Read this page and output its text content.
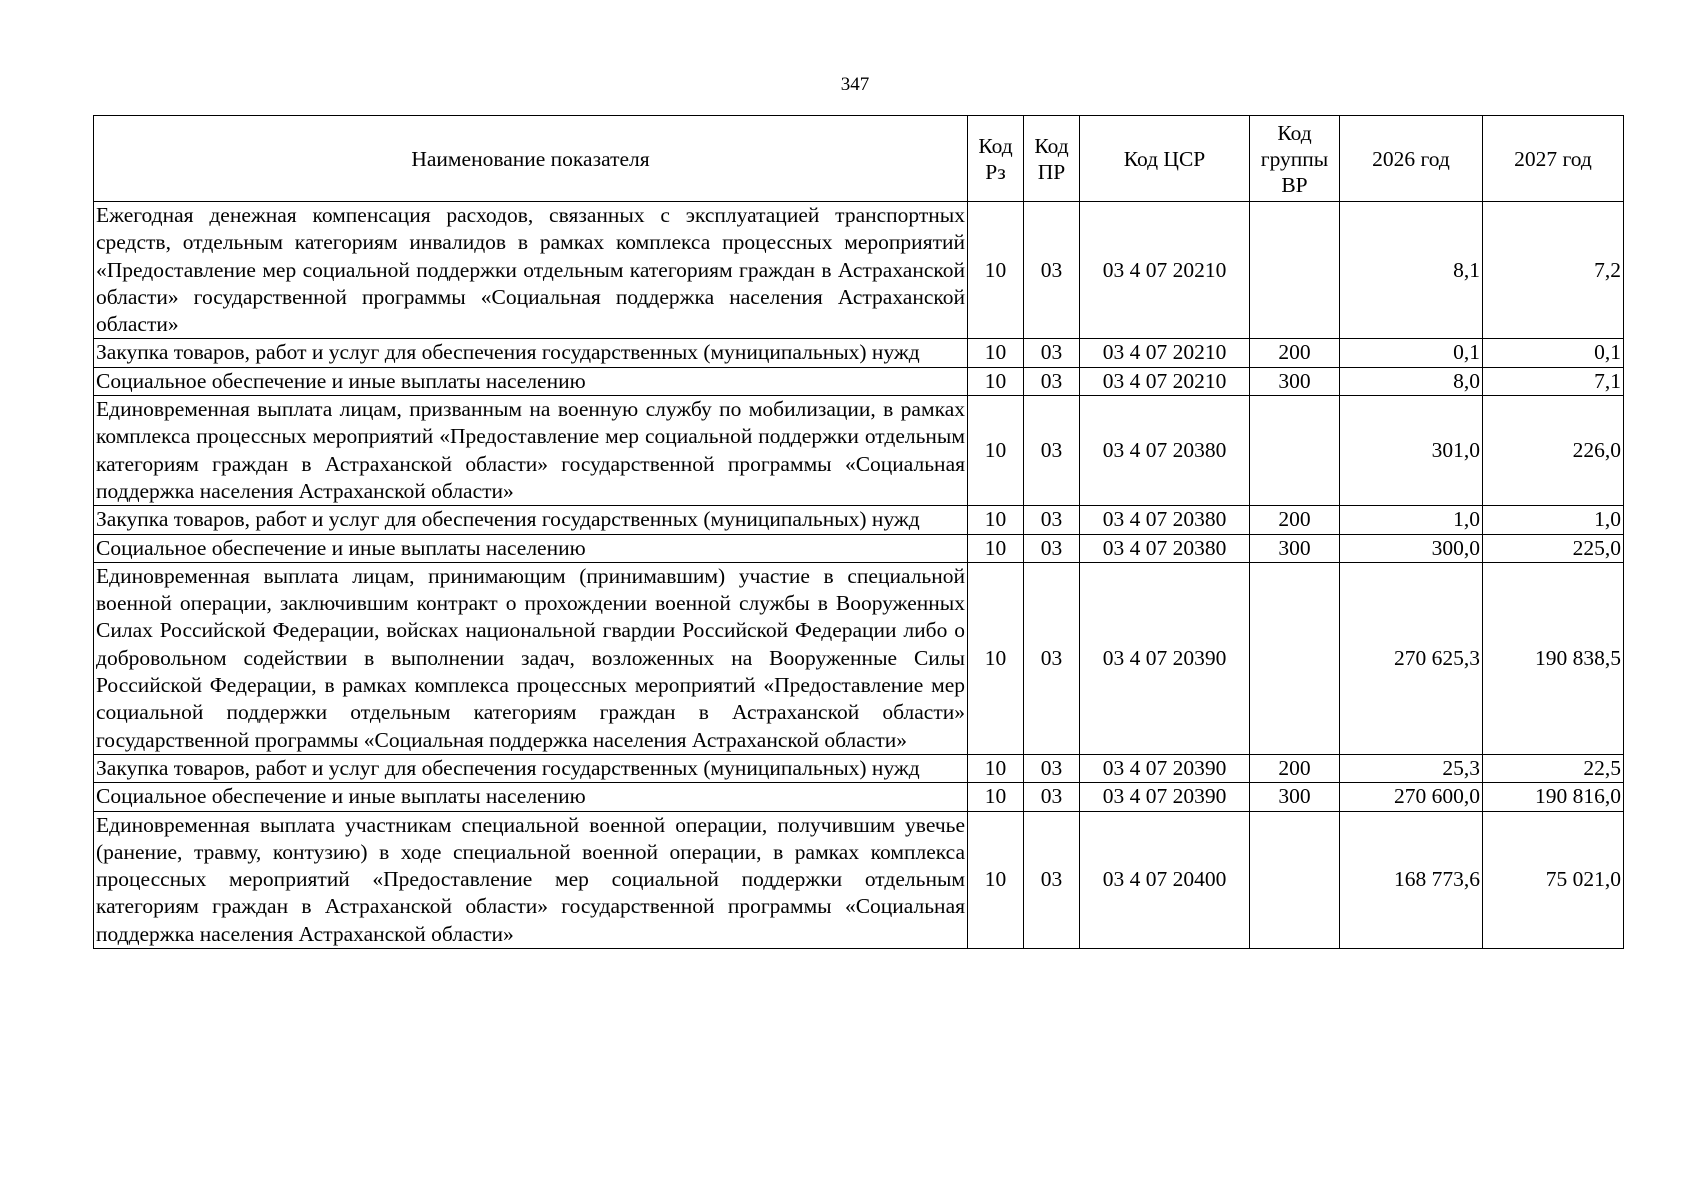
347
Наименование показателя	Код Рз	Код ПР	Код ЦСР	Код группы ВР	2026 год	2027 год
Ежегодная денежная компенсация расходов, связанных с эксплуатацией транспортных средств, отдельным категориям инвалидов в рамках комплекса процессных мероприятий «Предоставление мер социальной поддержки отдельным категориям граждан в Астраханской области» государственной программы «Социальная поддержка населения Астраханской области»	10	03	03 4 07 20210		8,1	7,2
Закупка товаров, работ и услуг для обеспечения государственных (муниципальных) нужд	10	03	03 4 07 20210	200	0,1	0,1
Социальное обеспечение и иные выплаты населению	10	03	03 4 07 20210	300	8,0	7,1
Единовременная выплата лицам, призванным на военную службу по мобилизации, в рамках комплекса процессных мероприятий «Предоставление мер социальной поддержки отдельным категориям граждан в Астраханской области» государственной программы «Социальная поддержка населения Астраханской области»	10	03	03 4 07 20380		301,0	226,0
Закупка товаров, работ и услуг для обеспечения государственных (муниципальных) нужд	10	03	03 4 07 20380	200	1,0	1,0
Социальное обеспечение и иные выплаты населению	10	03	03 4 07 20380	300	300,0	225,0
Единовременная выплата лицам, принимающим (принимавшим) участие в специальной военной операции, заключившим контракт о прохождении военной службы в Вооруженных Силах Российской Федерации, войсках национальной гвардии Российской Федерации либо о добровольном содействии в выполнении задач, возложенных на Вооруженные Силы Российской Федерации, в рамках комплекса процессных мероприятий «Предоставление мер социальной поддержки отдельным категориям граждан в Астраханской области» государственной программы «Социальная поддержка населения Астраханской области»	10	03	03 4 07 20390		270 625,3	190 838,5
Закупка товаров, работ и услуг для обеспечения государственных (муниципальных) нужд	10	03	03 4 07 20390	200	25,3	22,5
Социальное обеспечение и иные выплаты населению	10	03	03 4 07 20390	300	270 600,0	190 816,0
Единовременная выплата участникам специальной военной операции, получившим увечье (ранение, травму, контузию) в ходе специальной военной операции, в рамках комплекса процессных мероприятий «Предоставление мер социальной поддержки отдельным категориям граждан в Астраханской области» государственной программы «Социальная поддержка населения Астраханской области»	10	03	03 4 07 20400		168 773,6	75 021,0
